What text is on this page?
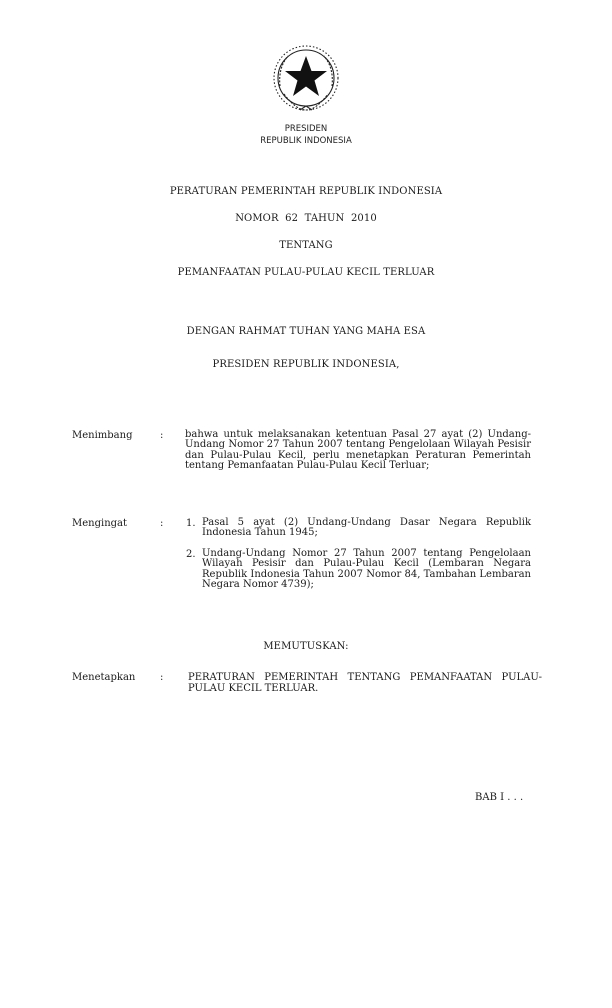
PRESIDEN
REPUBLIK INDONESIA
PERATURAN PEMERINTAH REPUBLIK INDONESIA
NOMOR  62  TAHUN  2010
TENTANG
PEMANFAATAN PULAU-PULAU KECIL TERLUAR
DENGAN RAHMAT TUHAN YANG MAHA ESA
PRESIDEN REPUBLIK INDONESIA,
Menimbang	: bahwa untuk melaksanakan ketentuan Pasal 27 ayat (2) Undang-Undang Nomor 27 Tahun 2007 tentang Pengelolaan Wilayah Pesisir dan Pulau-Pulau Kecil, perlu menetapkan Peraturan Pemerintah tentang Pemanfaatan Pulau-Pulau Kecil Terluar;
Mengingat	: 1. Pasal 5 ayat (2) Undang-Undang Dasar Negara Republik Indonesia Tahun 1945;
2. Undang-Undang Nomor 27 Tahun 2007 tentang Pengelolaan Wilayah Pesisir dan Pulau-Pulau Kecil (Lembaran Negara Republik Indonesia Tahun 2007 Nomor 84, Tambahan Lembaran Negara Nomor 4739);
MEMUTUSKAN:
Menetapkan : PERATURAN PEMERINTAH TENTANG PEMANFAATAN PULAU-PULAU KECIL TERLUAR.
BAB I . . .
